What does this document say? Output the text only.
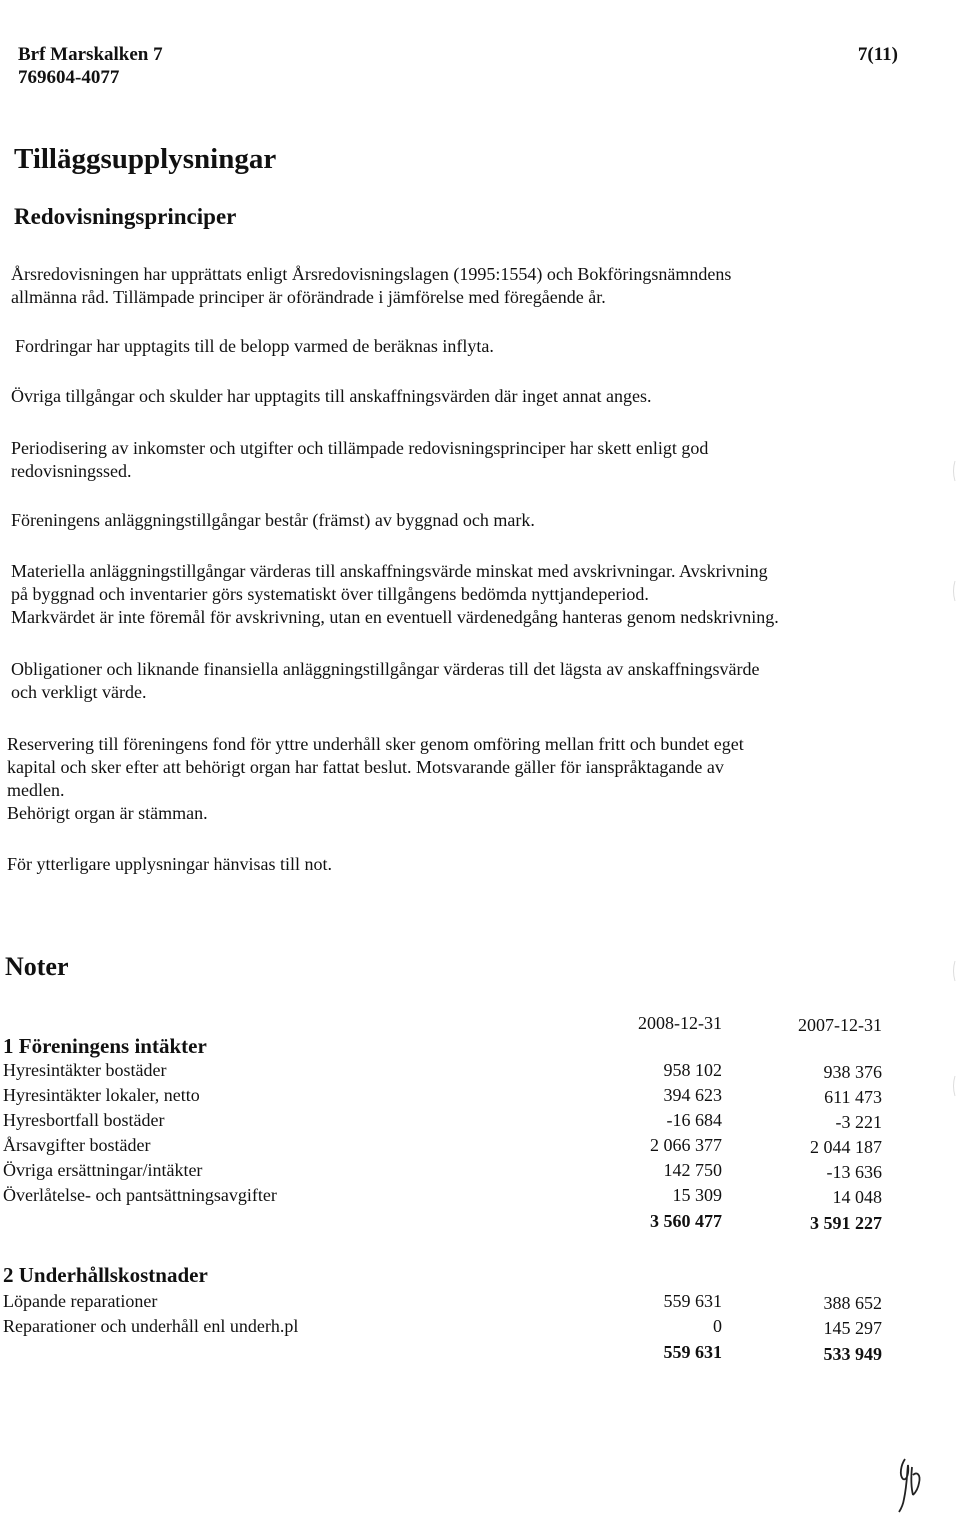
Brf Marskalken 7
769604-4077
7(11)
Tilläggsupplysningar
Redovisningsprinciper
Årsredovisningen har upprättats enligt Årsredovisningslagen (1995:1554) och Bokföringsnämndens
allmänna råd. Tillämpade principer är oförändrade i jämförelse med föregående år.
Fordringar har upptagits till de belopp varmed de beräknas inflyta.
Övriga tillgångar och skulder har upptagits till anskaffningsvärden där inget annat anges.
Periodisering av inkomster och utgifter och tillämpade redovisningsprinciper har skett enligt god
redovisningssed.
Föreningens anläggningstillgångar består (främst) av byggnad och mark.
Materiella anläggningstillgångar värderas till anskaffningsvärde minskat med avskrivningar. Avskrivning
på byggnad och inventarier görs systematiskt över tillgångens bedömda nyttjandeperiod.
Markvärdet är inte föremål för avskrivning, utan en eventuell värdenedgång hanteras genom nedskrivning.
Obligationer och liknande finansiella anläggningstillgångar värderas till det lägsta av anskaffningsvärde
och verkligt värde.
Reservering till föreningens fond för yttre underhåll sker genom omföring mellan fritt och bundet eget
kapital och sker efter att behörigt organ har fattat beslut. Motsvarande gäller för ianspråktagande av
medlen.
Behörigt organ är stämman.
För ytterligare upplysningar hänvisas till not.
Noter
2008-12-31	2007-12-31
1 Föreningens intäkter
Hyresintäkter bostäder	958 102	938 376
Hyresintäkter lokaler, netto	394 623	611 473
Hyresbortfall bostäder	-16 684	-3 221
Årsavgifter bostäder	2 066 377	2 044 187
Övriga ersättningar/intäkter	142 750	-13 636
Överlåtelse- och pantsättningsavgifter	15 309	14 048
3 560 477	3 591 227
2 Underhållskostnader
Löpande reparationer	559 631	388 652
Reparationer och underhåll enl underh.pl	0	145 297
559 631	533 949
